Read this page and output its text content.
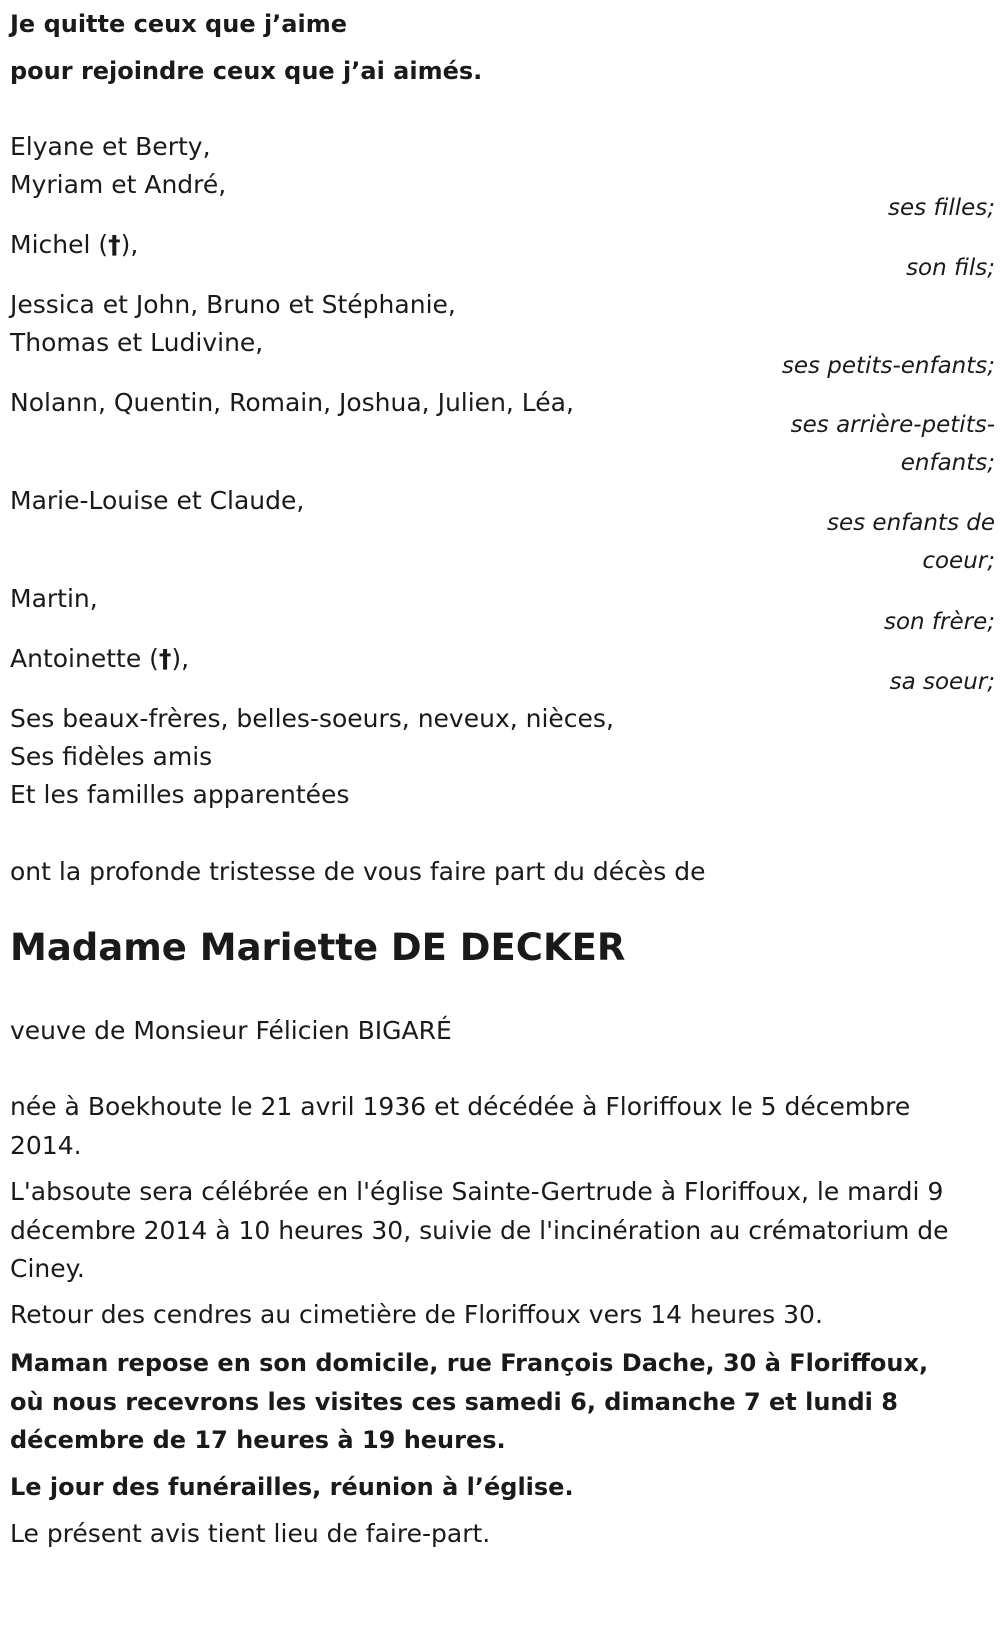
Je quitte ceux que j’aime
pour rejoindre ceux que j’ai aimés.
Elyane et Berty,
Myriam et André,
ses filles;
Michel (†),
son fils;
Jessica et John, Bruno et Stéphanie,
Thomas et Ludivine,
ses petits-enfants;
Nolann, Quentin, Romain, Joshua, Julien, Léa,
ses arrière-petits-enfants;
Marie-Louise et Claude,
ses enfants de coeur;
Martin,
son frère;
Antoinette (†),
sa soeur;
Ses beaux-frères, belles-soeurs, neveux, nièces,
Ses fidèles amis
Et les familles apparentées
ont la profonde tristesse de vous faire part du décès de
Madame Mariette DE DECKER
veuve de Monsieur Félicien BIGARÉ
née à Boekhoute le 21 avril 1936 et décédée à Floriffoux le 5 décembre 2014.
L'absoute sera célébrée en l'église Sainte-Gertrude à Floriffoux, le mardi 9 décembre 2014 à 10 heures 30, suivie de l'incinération au crématorium de Ciney.
Retour des cendres au cimetière de Floriffoux vers 14 heures 30.
Maman repose en son domicile, rue François Dache, 30 à Floriffoux, où nous recevrons les visites ces samedi 6, dimanche 7 et lundi 8 décembre de 17 heures à 19 heures.
Le jour des funérailles, réunion à l’église.
Le présent avis tient lieu de faire-part.
